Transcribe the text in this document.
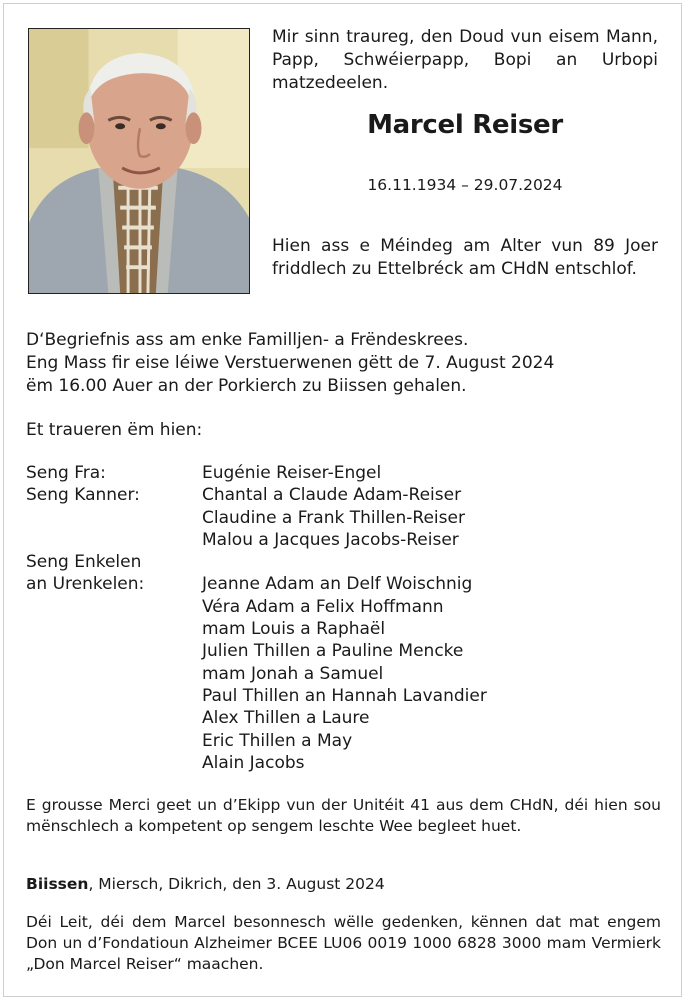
Mir sinn traureg, den Doud vun eisem Mann, Papp, Schwéierpapp, Bopi an Urbopi matzedeelen.
Marcel Reiser
16.11.1934 – 29.07.2024
Hien ass e Méindeg am Alter vun 89 Joer friddlech zu Ettelbréck am CHdN entschlof.
D‘Begriefnis ass am enke Familljen- a Frëndeskrees.
Eng Mass fir eise léiwe Verstuerwenen gëtt de 7. August 2024
ëm 16.00 Auer an der Porkierch zu Biissen gehalen.
Et traueren ëm hien:
Seng Fra:	Eugénie Reiser-Engel
Seng Kanner:	Chantal a Claude Adam-Reiser
Claudine a Frank Thillen-Reiser
Malou a Jacques Jacobs-Reiser
Seng Enkelen
an Urenkelen:
	Jeanne Adam an Delf Woischnig
Véra Adam a Felix Hoffmann
mam Louis a Raphaël
Julien Thillen a Pauline Mencke
mam Jonah a Samuel
Paul Thillen an Hannah Lavandier
Alex Thillen a Laure
Eric Thillen a May
Alain Jacobs
E grousse Merci geet un d’Ekipp vun der Unitéit 41 aus dem CHdN, déi hien sou mënschlech a kompetent op sengem leschte Wee begleet huet.
Biissen, Miersch, Dikrich, den 3. August 2024
Déi Leit, déi dem Marcel besonnesch wëlle gedenken, kënnen dat mat engem Don un d’Fondatioun Alzheimer BCEE LU06 0019 1000 6828 3000 mam Vermierk „Don Marcel Reiser“ maachen.
